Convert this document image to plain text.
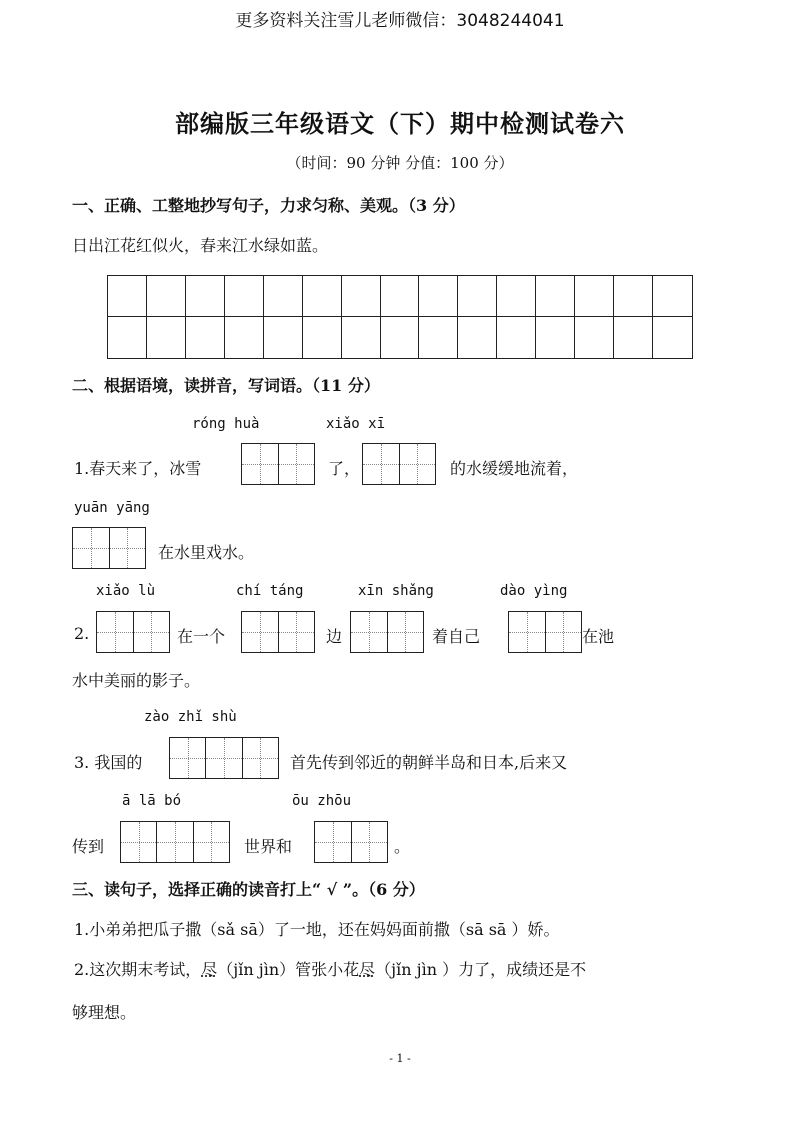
更多资料关注雪儿老师微信：3048244041
部编版三年级语文（下）期中检测试卷六
（时间：90 分钟 分值：100 分）
一、正确、工整地抄写句子，力求匀称、美观。（3 分）
日出江花红似火，春来江水绿如蓝。
二、根据语境，读拼音，写词语。（11 分）
róng huà	xiǎo xī
1.春天来了，冰雪	了，	的水缓缓地流着，
yuān yāng
在水里戏水。
xiǎo lù	chí táng	xīn shǎng	dào yìng
2.	在一个	边	着自己	在池
水中美丽的影子。
zào zhǐ shù
3. 我国的	首先传到邻近的朝鲜半岛和日本,后来又
ā lā bó	ōu zhōu
传到	世界和	。
三、读句子，选择正确的读音打上“ √ ”。（6 分）
1.小弟弟把瓜子撒（sǎ sā）了一地，还在妈妈面前撒（sā sā ）娇。
2.这次期末考试，尽（jǐn jìn）管张小花尽（jǐn jìn ）力了，成绩还是不
够理想。
- 1 -
